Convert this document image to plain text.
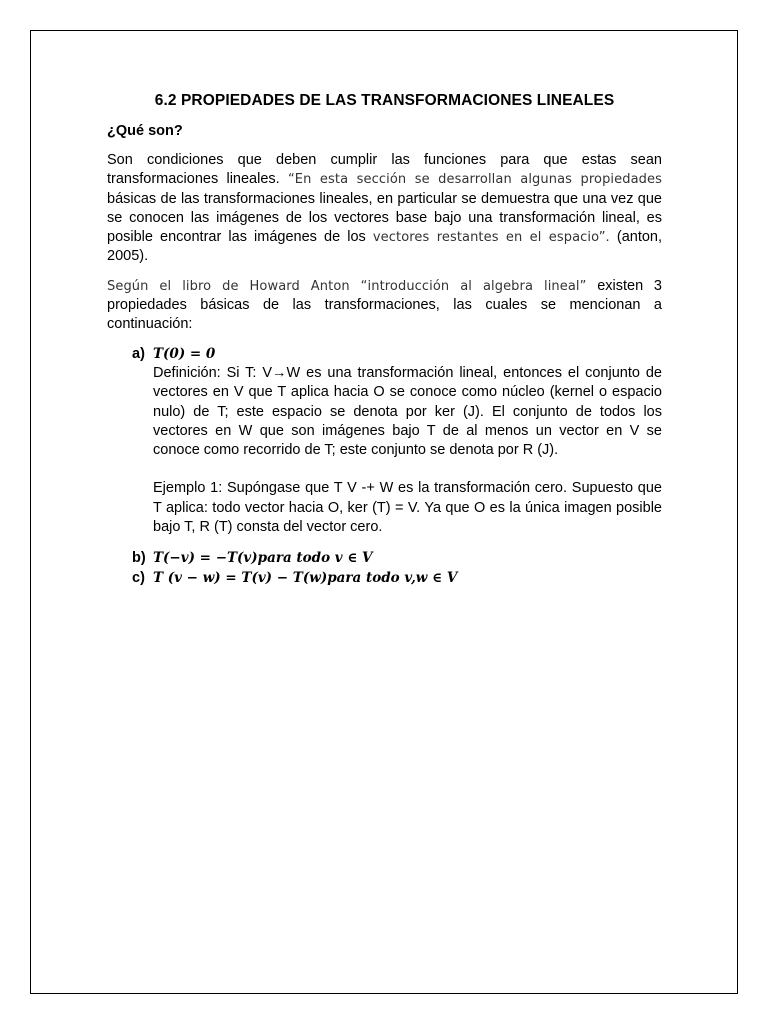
6.2 PROPIEDADES DE LAS TRANSFORMACIONES LINEALES
¿Qué son?

Son condiciones que deben cumplir las funciones para que estas sean transformaciones lineales. “En esta sección se desarrollan algunas propiedades básicas de las transformaciones lineales, en particular se demuestra que una vez que se conocen las imágenes de los vectores base bajo una transformación lineal, es posible encontrar las imágenes de los vectores restantes en el espacio”. (anton, 2005).

Según el libro de Howard Anton “introducción al algebra lineal” existen 3 propiedades básicas de las transformaciones, las cuales se mencionan a continuación:

a) T(0) = 0

Definición: Si T: V→W es una transformación lineal, entonces el conjunto de vectores en V que T aplica hacia O se conoce como núcleo (kernel o espacio nulo) de T; este espacio se denota por ker (J). El conjunto de todos los vectores en W que son imágenes bajo T de al menos un vector en V se conoce como recorrido de T; este conjunto se denota por R (J).

Ejemplo 1: Supóngase que T V -+ W es la transformación cero. Supuesto que T aplica: todo vector hacia O, ker (T) = V. Ya que O es la única imagen posible bajo T, R (T) consta del vector cero.

b) T(−v) = −T(v)para todo v ∈ V
c) T (v − w) = T(v) − T(w)para todo v,w ∈ V
